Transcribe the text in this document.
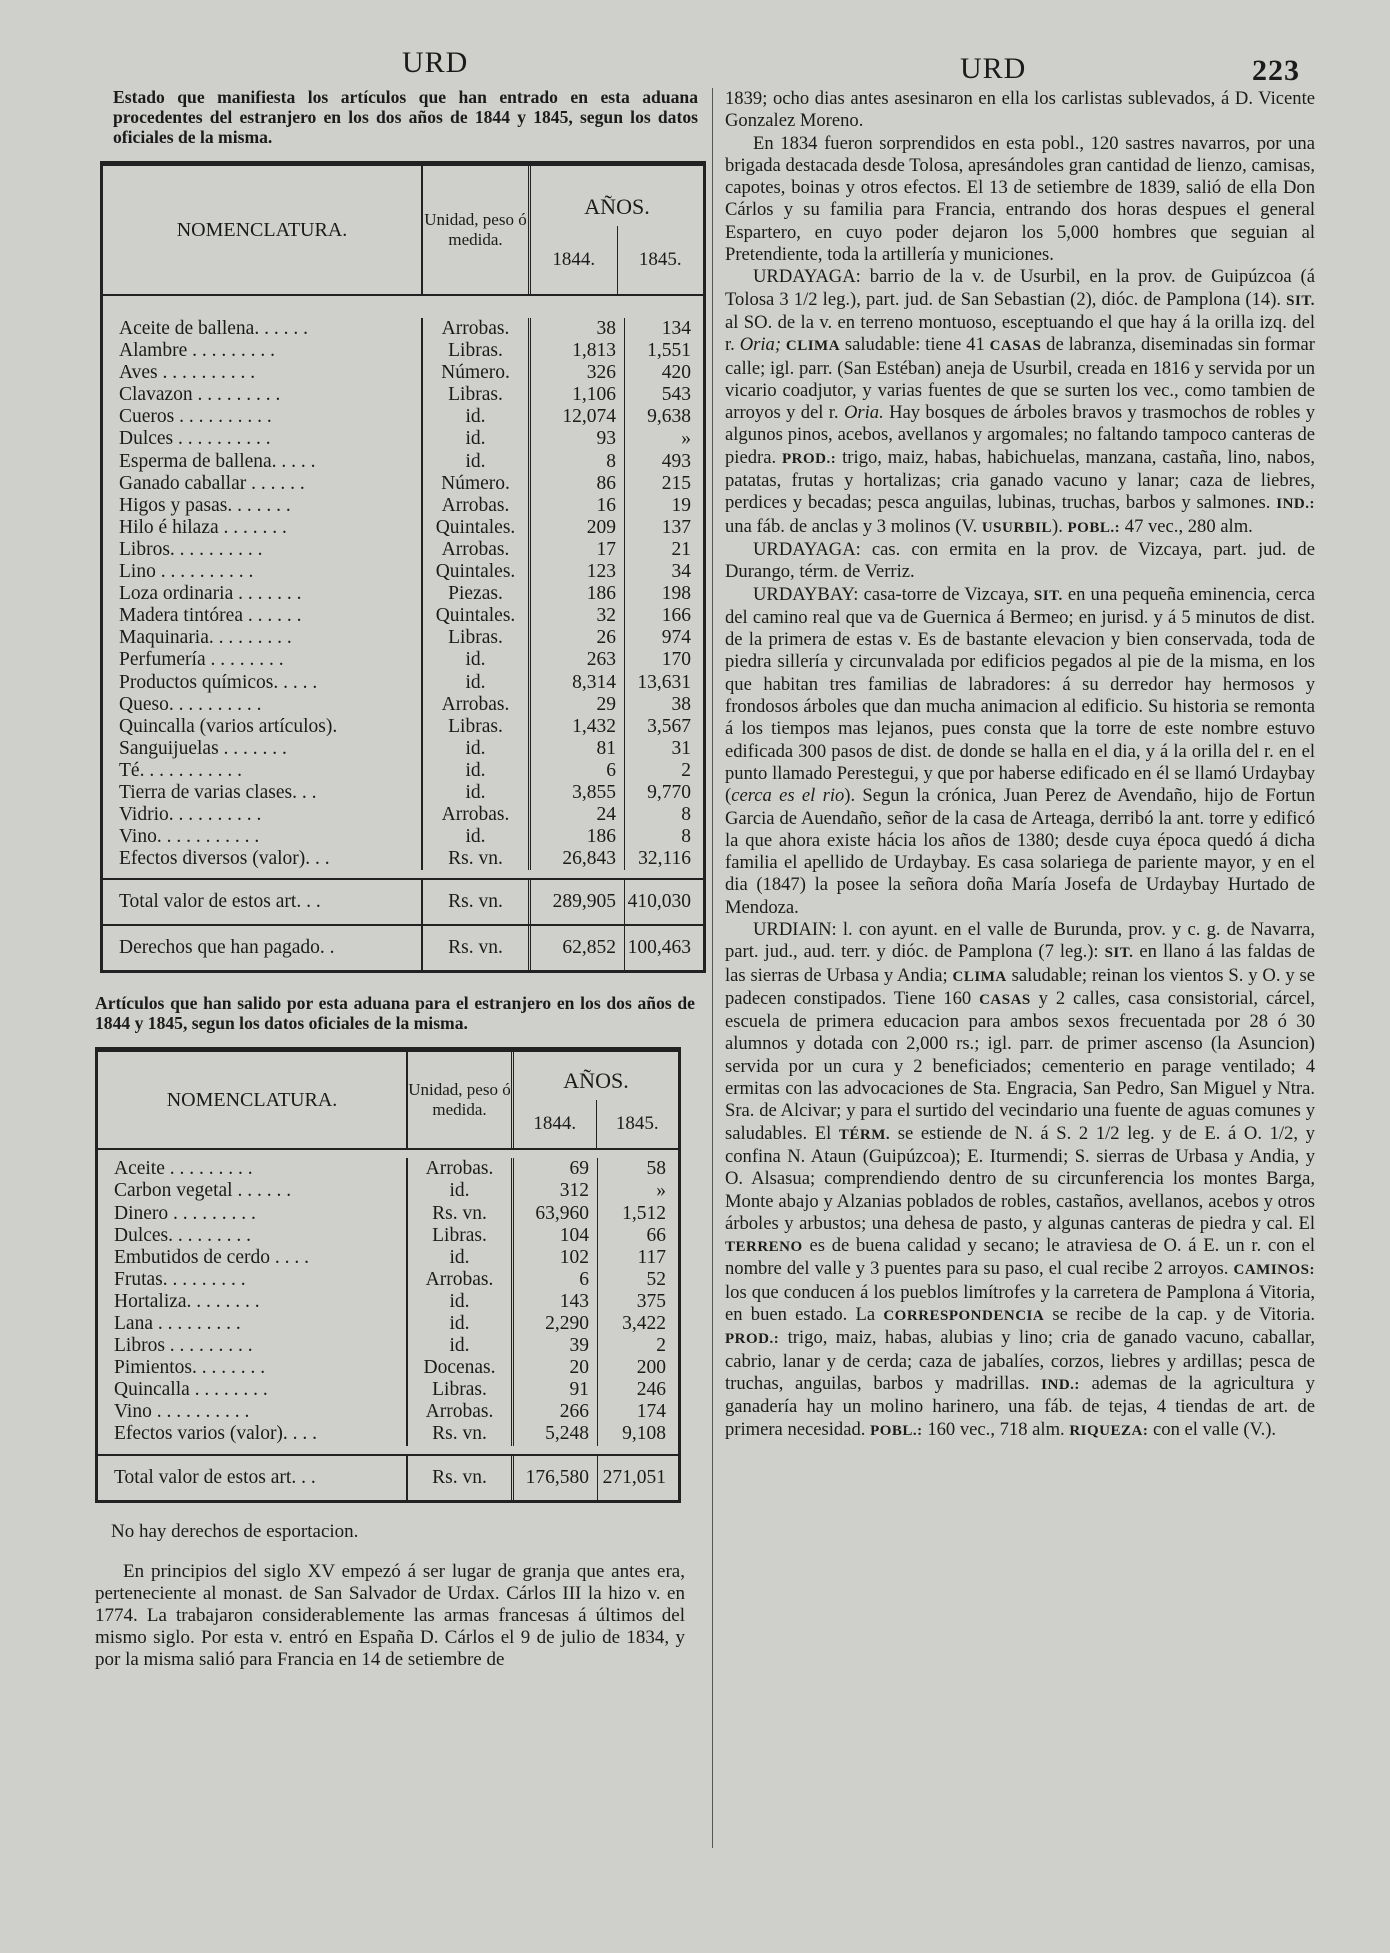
URD	URD	223
Estado que manifiesta los artículos que han entrado en esta aduana procedentes del estranjero en los dos años de 1844 y 1845, segun los datos oficiales de la misma.
NOMENCLATURA.	Unidad, peso ó medida.
AÑOS.
1844.	1845.
Aceite de ballena. . . . . .	Arrobas.	38	134
Alambre . . . . . . . . .	Libras.	1,813	1,551
Aves . . . . . . . . . .	Número.	326	420
Clavazon . . . . . . . . .	Libras.	1,106	543
Cueros . . . . . . . . . .	id.	12,074	9,638
Dulces . . . . . . . . . .	id.	93	»
Esperma de ballena. . . . .	id.	8	493
Ganado caballar . . . . . .	Número.	86	215
Higos y pasas. . . . . . .	Arrobas.	16	19
Hilo é hilaza . . . . . . .	Quintales.	209	137
Libros. . . . . . . . . .	Arrobas.	17	21
Lino . . . . . . . . . .	Quintales.	123	34
Loza ordinaria . . . . . . .	Piezas.	186	198
Madera tintórea . . . . . .	Quintales.	32	166
Maquinaria. . . . . . . . .	Libras.	26	974
Perfumería . . . . . . . .	id.	263	170
Productos químicos. . . . .	id.	8,314	13,631
Queso. . . . . . . . . .	Arrobas.	29	38
Quincalla (varios artículos).	Libras.	1,432	3,567
Sanguijuelas . . . . . . .	id.	81	31
Té. . . . . . . . . . .	id.	6	2
Tierra de varias clases. . .	id.	3,855	9,770
Vidrio. . . . . . . . . .	Arrobas.	24	8
Vino. . . . . . . . . . .	id.	186	8
Efectos diversos (valor). . .	Rs. vn.	26,843	32,116
Total valor de estos art. . .	Rs. vn.	289,905 410,030
Derechos que han pagado. .	Rs. vn.	62,852 100,463
Artículos que han salido por esta aduana para el estranjero en los dos años de 1844 y 1845, segun los datos oficiales de la misma.
NOMENCLATURA.	Unidad, peso ó medida.
AÑOS.
1844.	1845.
Aceite . . . . . . . . .	Arrobas.	69	58
Carbon vegetal . . . . . .	id.	312	»
Dinero . . . . . . . . .	Rs. vn.	63,960	1,512
Dulces. . . . . . . . .	Libras.	104	66
Embutidos de cerdo . . . .	id.	102	117
Frutas. . . . . . . . .	Arrobas.	6	52
Hortaliza. . . . . . . .	id.	143	375
Lana . . . . . . . . .	id.	2,290	3,422
Libros . . . . . . . . .	id.	39	2
Pimientos. . . . . . . .	Docenas.	20	200
Quincalla . . . . . . . .	Libras.	91	246
Vino . . . . . . . . . .	Arrobas.	266	174
Efectos varios (valor). . . .	Rs. vn.	5,248	9,108
Total valor de estos art. . .	Rs. vn.	176,580 271,051
No hay derechos de esportacion.
En principios del siglo XV empezó á ser lugar de granja que antes era, perteneciente al monast. de San Salvador de Urdax. Cárlos III la hizo v. en 1774. La trabajaron considerablemente las armas francesas á últimos del mismo siglo. Por esta v. entró en España D. Cárlos el 9 de julio de 1834, y por la misma salió para Francia en 14 de setiembre de
1839; ocho dias antes asesinaron en ella los carlistas sublevados, á D. Vicente Gonzalez Moreno.
En 1834 fueron sorprendidos en esta pobl., 120 sastres navarros, por una brigada destacada desde Tolosa, apresándoles gran cantidad de lienzo, camisas, capotes, boinas y otros efectos. El 13 de setiembre de 1839, salió de ella Don Cárlos y su familia para Francia, entrando dos horas despues el general Espartero, en cuyo poder dejaron los 5,000 hombres que seguian al Pretendiente, toda la artillería y municiones.
URDAYAGA: barrio de la v. de Usurbil, en la prov. de Guipúzcoa (á Tolosa 3 1/2 leg.), part. jud. de San Sebastian (2), dióc. de Pamplona (14). SIT. al SO. de la v. en terreno montuoso, esceptuando el que hay á la orilla izq. del r. Oria; CLIMA saludable: tiene 41 CASAS de labranza, diseminadas sin formar calle; igl. parr. (San Estéban) aneja de Usurbil, creada en 1816 y servida por un vicario coadjutor, y varias fuentes de que se surten los vec., como tambien de arroyos y del r. Oria. Hay bosques de árboles bravos y trasmochos de robles y algunos pinos, acebos, avellanos y argomales; no faltando tampoco canteras de piedra. PROD.: trigo, maiz, habas, habichuelas, manzana, castaña, lino, nabos, patatas, frutas y hortalizas; cria ganado vacuno y lanar; caza de liebres, perdices y becadas; pesca anguilas, lubinas, truchas, barbos y salmones. IND.: una fáb. de anclas y 3 molinos (V. USURBIL). POBL.: 47 vec., 280 alm.
URDAYAGA: cas. con ermita en la prov. de Vizcaya, part. jud. de Durango, térm. de Verriz.
URDAYBAY: casa-torre de Vizcaya, SIT. en una pequeña eminencia, cerca del camino real que va de Guernica á Bermeo; en jurisd. y á 5 minutos de dist. de la primera de estas v. Es de bastante elevacion y bien conservada, toda de piedra sillería y circunvalada por edificios pegados al pie de la misma, en los que habitan tres familias de labradores: á su derredor hay hermosos y frondosos árboles que dan mucha animacion al edificio. Su historia se remonta á los tiempos mas lejanos, pues consta que la torre de este nombre estuvo edificada 300 pasos de dist. de donde se halla en el dia, y á la orilla del r. en el punto llamado Perestegui, y que por haberse edificado en él se llamó Urdaybay (cerca es el rio). Segun la crónica, Juan Perez de Avendaño, hijo de Fortun Garcia de Auendaño, señor de la casa de Arteaga, derribó la ant. torre y edificó la que ahora existe hácia los años de 1380; desde cuya época quedó á dicha familia el apellido de Urdaybay. Es casa solariega de pariente mayor, y en el dia (1847) la posee la señora doña María Josefa de Urdaybay Hurtado de Mendoza.
URDIAIN: l. con ayunt. en el valle de Burunda, prov. y c. g. de Navarra, part. jud., aud. terr. y dióc. de Pamplona (7 leg.): SIT. en llano á las faldas de las sierras de Urbasa y Andia; CLIMA saludable; reinan los vientos S. y O. y se padecen constipados. Tiene 160 CASAS y 2 calles, casa consistorial, cárcel, escuela de primera educacion para ambos sexos frecuentada por 28 ó 30 alumnos y dotada con 2,000 rs.; igl. parr. de primer ascenso (la Asuncion) servida por un cura y 2 beneficiados; cementerio en parage ventilado; 4 ermitas con las advocaciones de Sta. Engracia, San Pedro, San Miguel y Ntra. Sra. de Alcivar; y para el surtido del vecindario una fuente de aguas comunes y saludables. El TÉRM. se estiende de N. á S. 2 1/2 leg. y de E. á O. 1/2, y confina N. Ataun (Guipúzcoa); E. Iturmendi; S. sierras de Urbasa y Andia, y O. Alsasua; comprendiendo dentro de su circunferencia los montes Barga, Monte abajo y Alzanias poblados de robles, castaños, avellanos, acebos y otros árboles y arbustos; una dehesa de pasto, y algunas canteras de piedra y cal. El TERRENO es de buena calidad y secano; le atraviesa de O. á E. un r. con el nombre del valle y 3 puentes para su paso, el cual recibe 2 arroyos. CAMINOS: los que conducen á los pueblos limítrofes y la carretera de Pamplona á Vitoria, en buen estado. La CORRESPONDENCIA se recibe de la cap. y de Vitoria. PROD.: trigo, maiz, habas, alubias y lino; cria de ganado vacuno, caballar, cabrio, lanar y de cerda; caza de jabalíes, corzos, liebres y ardillas; pesca de truchas, anguilas, barbos y madrillas. IND.: ademas de la agricultura y ganadería hay un molino harinero, una fáb. de tejas, 4 tiendas de art. de primera necesidad. POBL.: 160 vec., 718 alm. RIQUEZA: con el valle (V.).
